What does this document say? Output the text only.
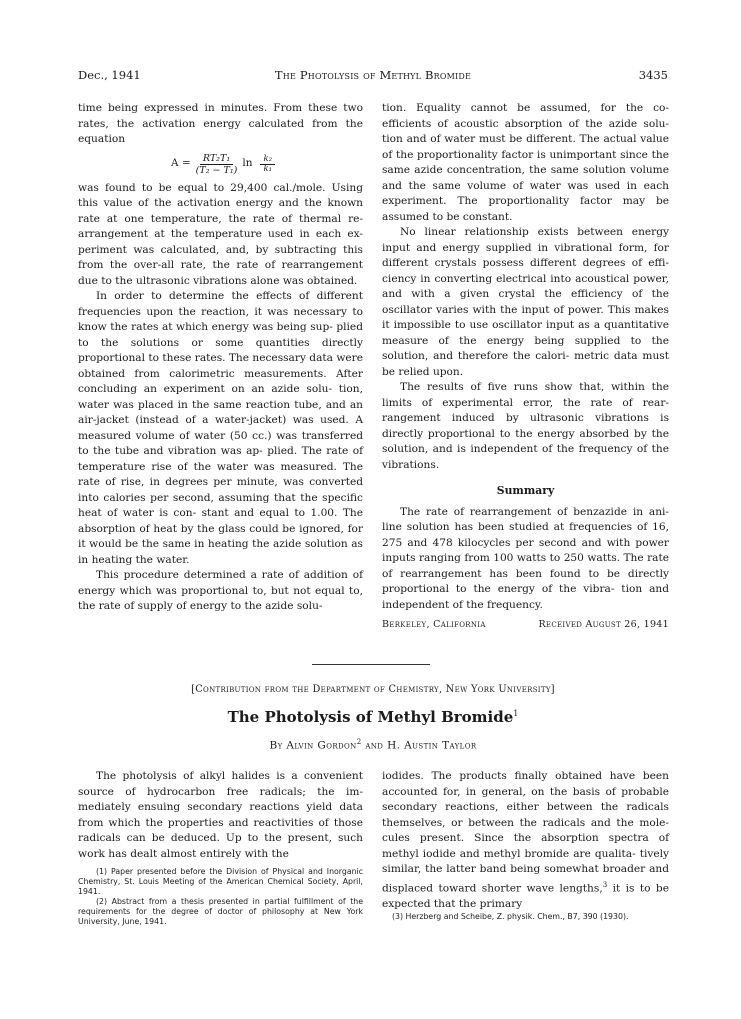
Dec., 1941	The Photolysis of Methyl Bromide	3435

time being expressed in minutes. From these two rates, the activation energy calculated from the equation

$A = \frac{\text{RT₂T₁}}{\text{(T₂ − T₁)}}$ $\ln \frac{\text{k₂}}{\text{k₁}}$

was found to be equal to 29,400 cal./mole. Using this value of the activation energy and the known rate at one temperature, the rate of thermal re- arrangement at the temperature used in each ex- periment was calculated, and, by subtracting this from the over-all rate, the rate of rearrangement due to the ultrasonic vibrations alone was obtained.

In order to determine the effects of different frequencies upon the reaction, it was necessary to know the rates at which energy was being sup- plied to the solutions or some quantities directly proportional to these rates. The necessary data were obtained from calorimetric measurements. After concluding an experiment on an azide solu- tion, water was placed in the same reaction tube, and an air-jacket (instead of a water-jacket) was used. A measured volume of water (50 cc.) was transferred to the tube and vibration was ap- plied. The rate of temperature rise of the water was measured. The rate of rise, in degrees per minute, was converted into calories per second, assuming that the specific heat of water is con- stant and equal to 1.00. The absorption of heat by the glass could be ignored, for it would be the same in heating the azide solution as in heating the water.

This procedure determined a rate of addition of energy which was proportional to, but not equal to, the rate of supply of energy to the azide solu-

tion. Equality cannot be assumed, for the co- efficients of acoustic absorption of the azide solu- tion and of water must be different. The actual value of the proportionality factor is unimportant since the same azide concentration, the same solution volume and the same volume of water was used in each experiment. The proportionality factor may be assumed to be constant.

No linear relationship exists between energy input and energy supplied in vibrational form, for different crystals possess different degrees of effi- ciency in converting electrical into acoustical power, and with a given crystal the efficiency of the oscillator varies with the input of power. This makes it impossible to use oscillator input as a quantitative measure of the energy being supplied to the solution, and therefore the calori- metric data must be relied upon.

The results of five runs show that, within the limits of experimental error, the rate of rear- rangement induced by ultrasonic vibrations is directly proportional to the energy absorbed by the solution, and is independent of the frequency of the vibrations.

Summary

The rate of rearrangement of benzazide in ani- line solution has been studied at frequencies of 16, 275 and 478 kilocycles per second and with power inputs ranging from 100 watts to 250 watts. The rate of rearrangement has been found to be directly proportional to the energy of the vibra- tion and independent of the frequency.

Berkeley, California	Received August 26, 1941
[Contribution from the Department of Chemistry, New York University]
The Photolysis of Methyl Bromide$^1$
By Alvin Gordon$^2$ and H. Austin Taylor

The photolysis of alkyl halides is a convenient source of hydrocarbon free radicals; the im- mediately ensuing secondary reactions yield data from which the properties and reactivities of those radicals can be deduced. Up to the present, such work has dealt almost entirely with the

(1) Paper presented before the Division of Physical and Inorganic Chemistry, St. Louis Meeting of the American Chemical Society, April, 1941.

(2) Abstract from a thesis presented in partial fulfillment of the requirements for the degree of doctor of philosophy at New York University, June, 1941.

iodides. The products finally obtained have been accounted for, in general, on the basis of probable secondary reactions, either between the radicals themselves, or between the radicals and the mole- cules present. Since the absorption spectra of methyl iodide and methyl bromide are qualita- tively similar, the latter band being somewhat broader and displaced toward shorter wave lengths,$^3$ it is to be expected that the primary

(3) Herzberg and Scheibe, Z. physik. Chem., B7, 390 (1930).
